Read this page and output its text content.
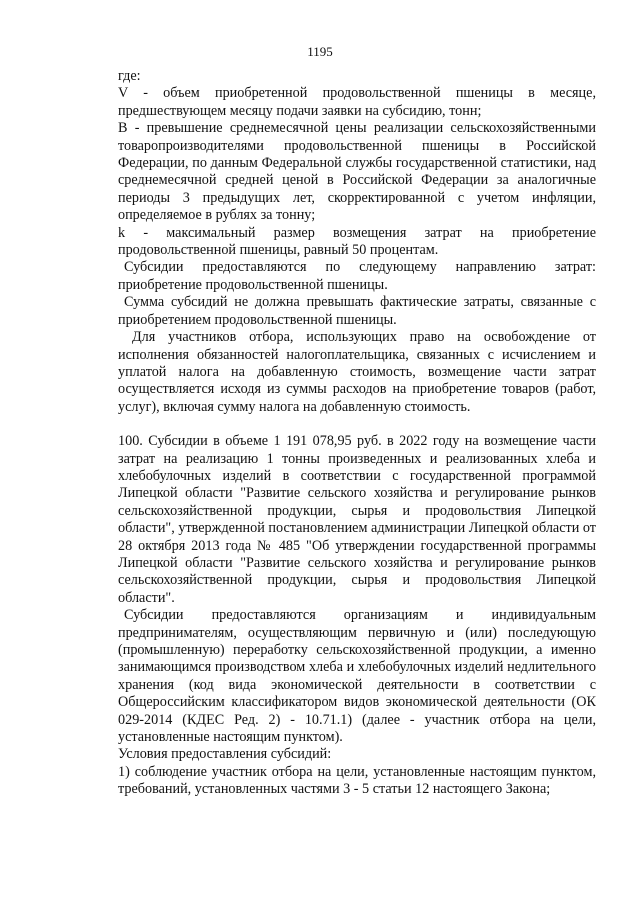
1195

где:

V - объем приобретенной продовольственной пшеницы в месяце, предшествующем месяцу подачи заявки на субсидию, тонн;

B - превышение среднемесячной цены реализации сельскохозяйственными товаропроизводителями продовольственной пшеницы в Российской Федерации, по данным Федеральной службы государственной статистики, над среднемесячной средней ценой в Российской Федерации за аналогичные периоды 3 предыдущих лет, скорректированной с учетом инфляции, определяемое в рублях за тонну;

k - максимальный размер возмещения затрат на приобретение продовольственной пшеницы, равный 50 процентам.

Субсидии предоставляются по следующему направлению затрат: приобретение продовольственной пшеницы.

Сумма субсидий не должна превышать фактические затраты, связанные с приобретением продовольственной пшеницы.

Для участников отбора, использующих право на освобождение от исполнения обязанностей налогоплательщика, связанных с исчислением и уплатой налога на добавленную стоимость, возмещение части затрат осуществляется исходя из суммы расходов на приобретение товаров (работ, услуг), включая сумму налога на добавленную стоимость.

100. Субсидии в объеме 1 191 078,95 руб. в 2022 году на возмещение части затрат на реализацию 1 тонны произведенных и реализованных хлеба и хлебобулочных изделий в соответствии с государственной программой Липецкой области "Развитие сельского хозяйства и регулирование рынков сельскохозяйственной продукции, сырья и продовольствия Липецкой области", утвержденной постановлением администрации Липецкой области от 28 октября 2013 года № 485 "Об утверждении государственной программы Липецкой области "Развитие сельского хозяйства и регулирование рынков сельскохозяйственной продукции, сырья и продовольствия Липецкой области".

Субсидии предоставляются организациям и индивидуальным предпринимателям, осуществляющим первичную и (или) последующую (промышленную) переработку сельскохозяйственной продукции, а именно занимающимся производством хлеба и хлебобулочных изделий недлительного хранения (код вида экономической деятельности в соответствии с Общероссийским классификатором видов экономической деятельности (ОК 029-2014 (КДЕС Ред. 2) - 10.71.1) (далее - участник отбора на цели, установленные настоящим пунктом).

Условия предоставления субсидий:

1) соблюдение участник отбора на цели, установленные настоящим пунктом, требований, установленных частями 3 - 5 статьи 12 настоящего Закона;
